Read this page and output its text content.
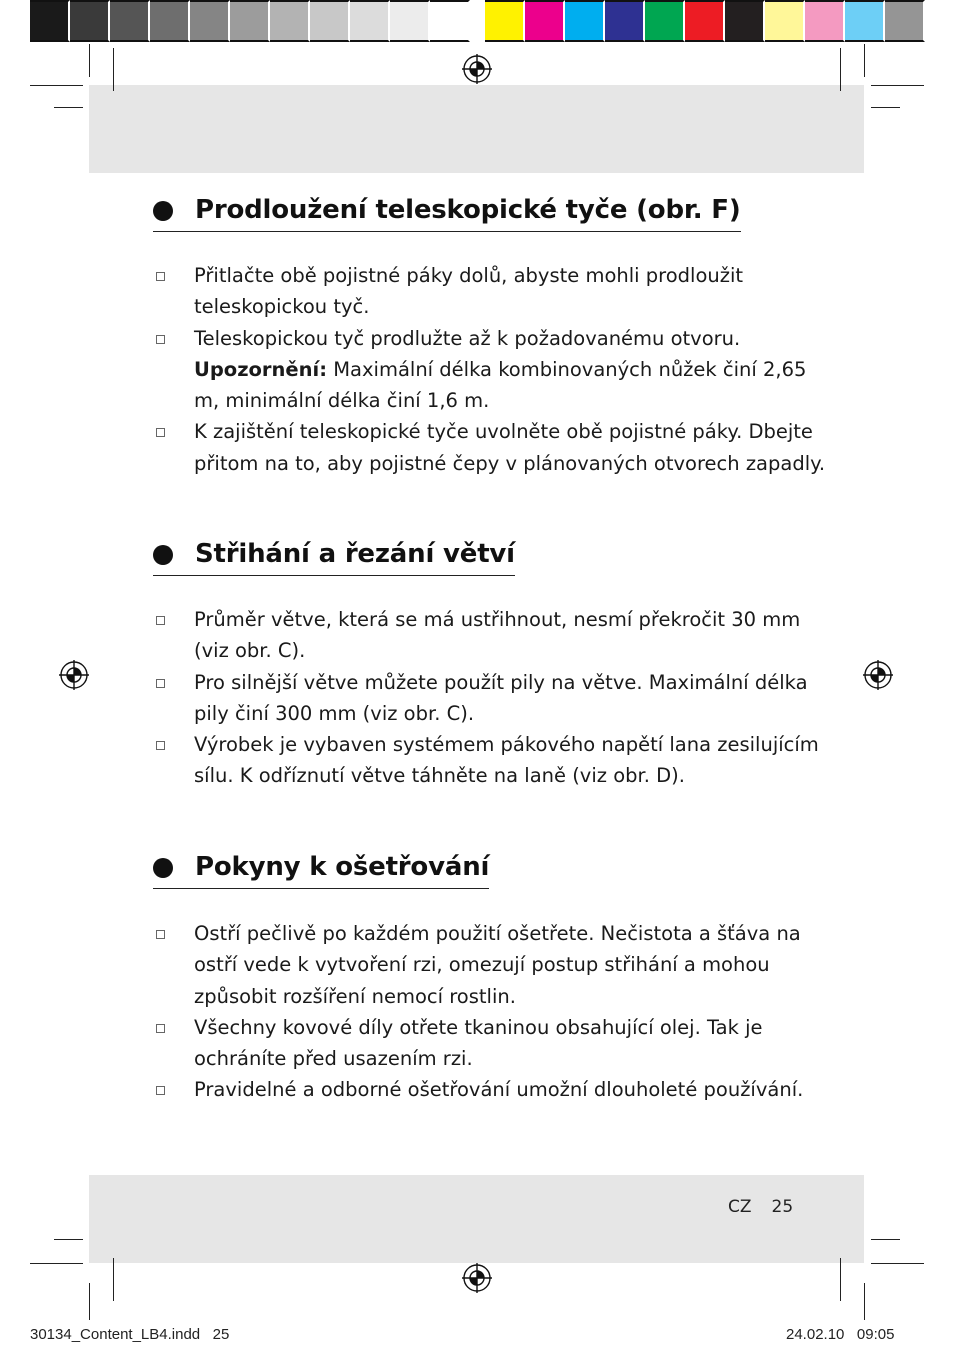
Prodloužení teleskopické tyče (obr. F)
Přitlačte obě pojistné páky dolů, abyste mohli prodloužit teleskopickou tyč.
Teleskopickou tyč prodlužte až k požadovanému otvoru.
Upozornění: Maximální délka kombinovaných nůžek činí 2,65 m, minimální délka činí 1,6 m.
K zajištění teleskopické tyče uvolněte obě pojistné páky. Dbejte přitom na to, aby pojistné čepy v plánovaných otvorech zapadly.
Střihání a řezání větví
Průměr větve, která se má ustřihnout, nesmí překročit 30 mm (viz obr. C).
Pro silnější větve můžete použít pily na větve. Maximální délka pily činí 300 mm (viz obr. C).
Výrobek je vybaven systémem pákového napětí lana zesilujícím sílu. K odříznutí větve táhněte na laně (viz obr. D).
Pokyny k ošetřování
Ostří pečlivě po každém použití ošetřete. Nečistota a šťáva na ostří vede k vytvoření rzi, omezují postup střihání a mohou způsobit rozšíření nemocí rostlin.
Všechny kovové díly otřete tkaninou obsahující olej. Tak je ochráníte před usazením rzi.
Pravidelné a odborné ošetřování umožní dlouholeté používání.
CZ 25
30134_Content_LB4.indd   25	24.02.10   09:05
